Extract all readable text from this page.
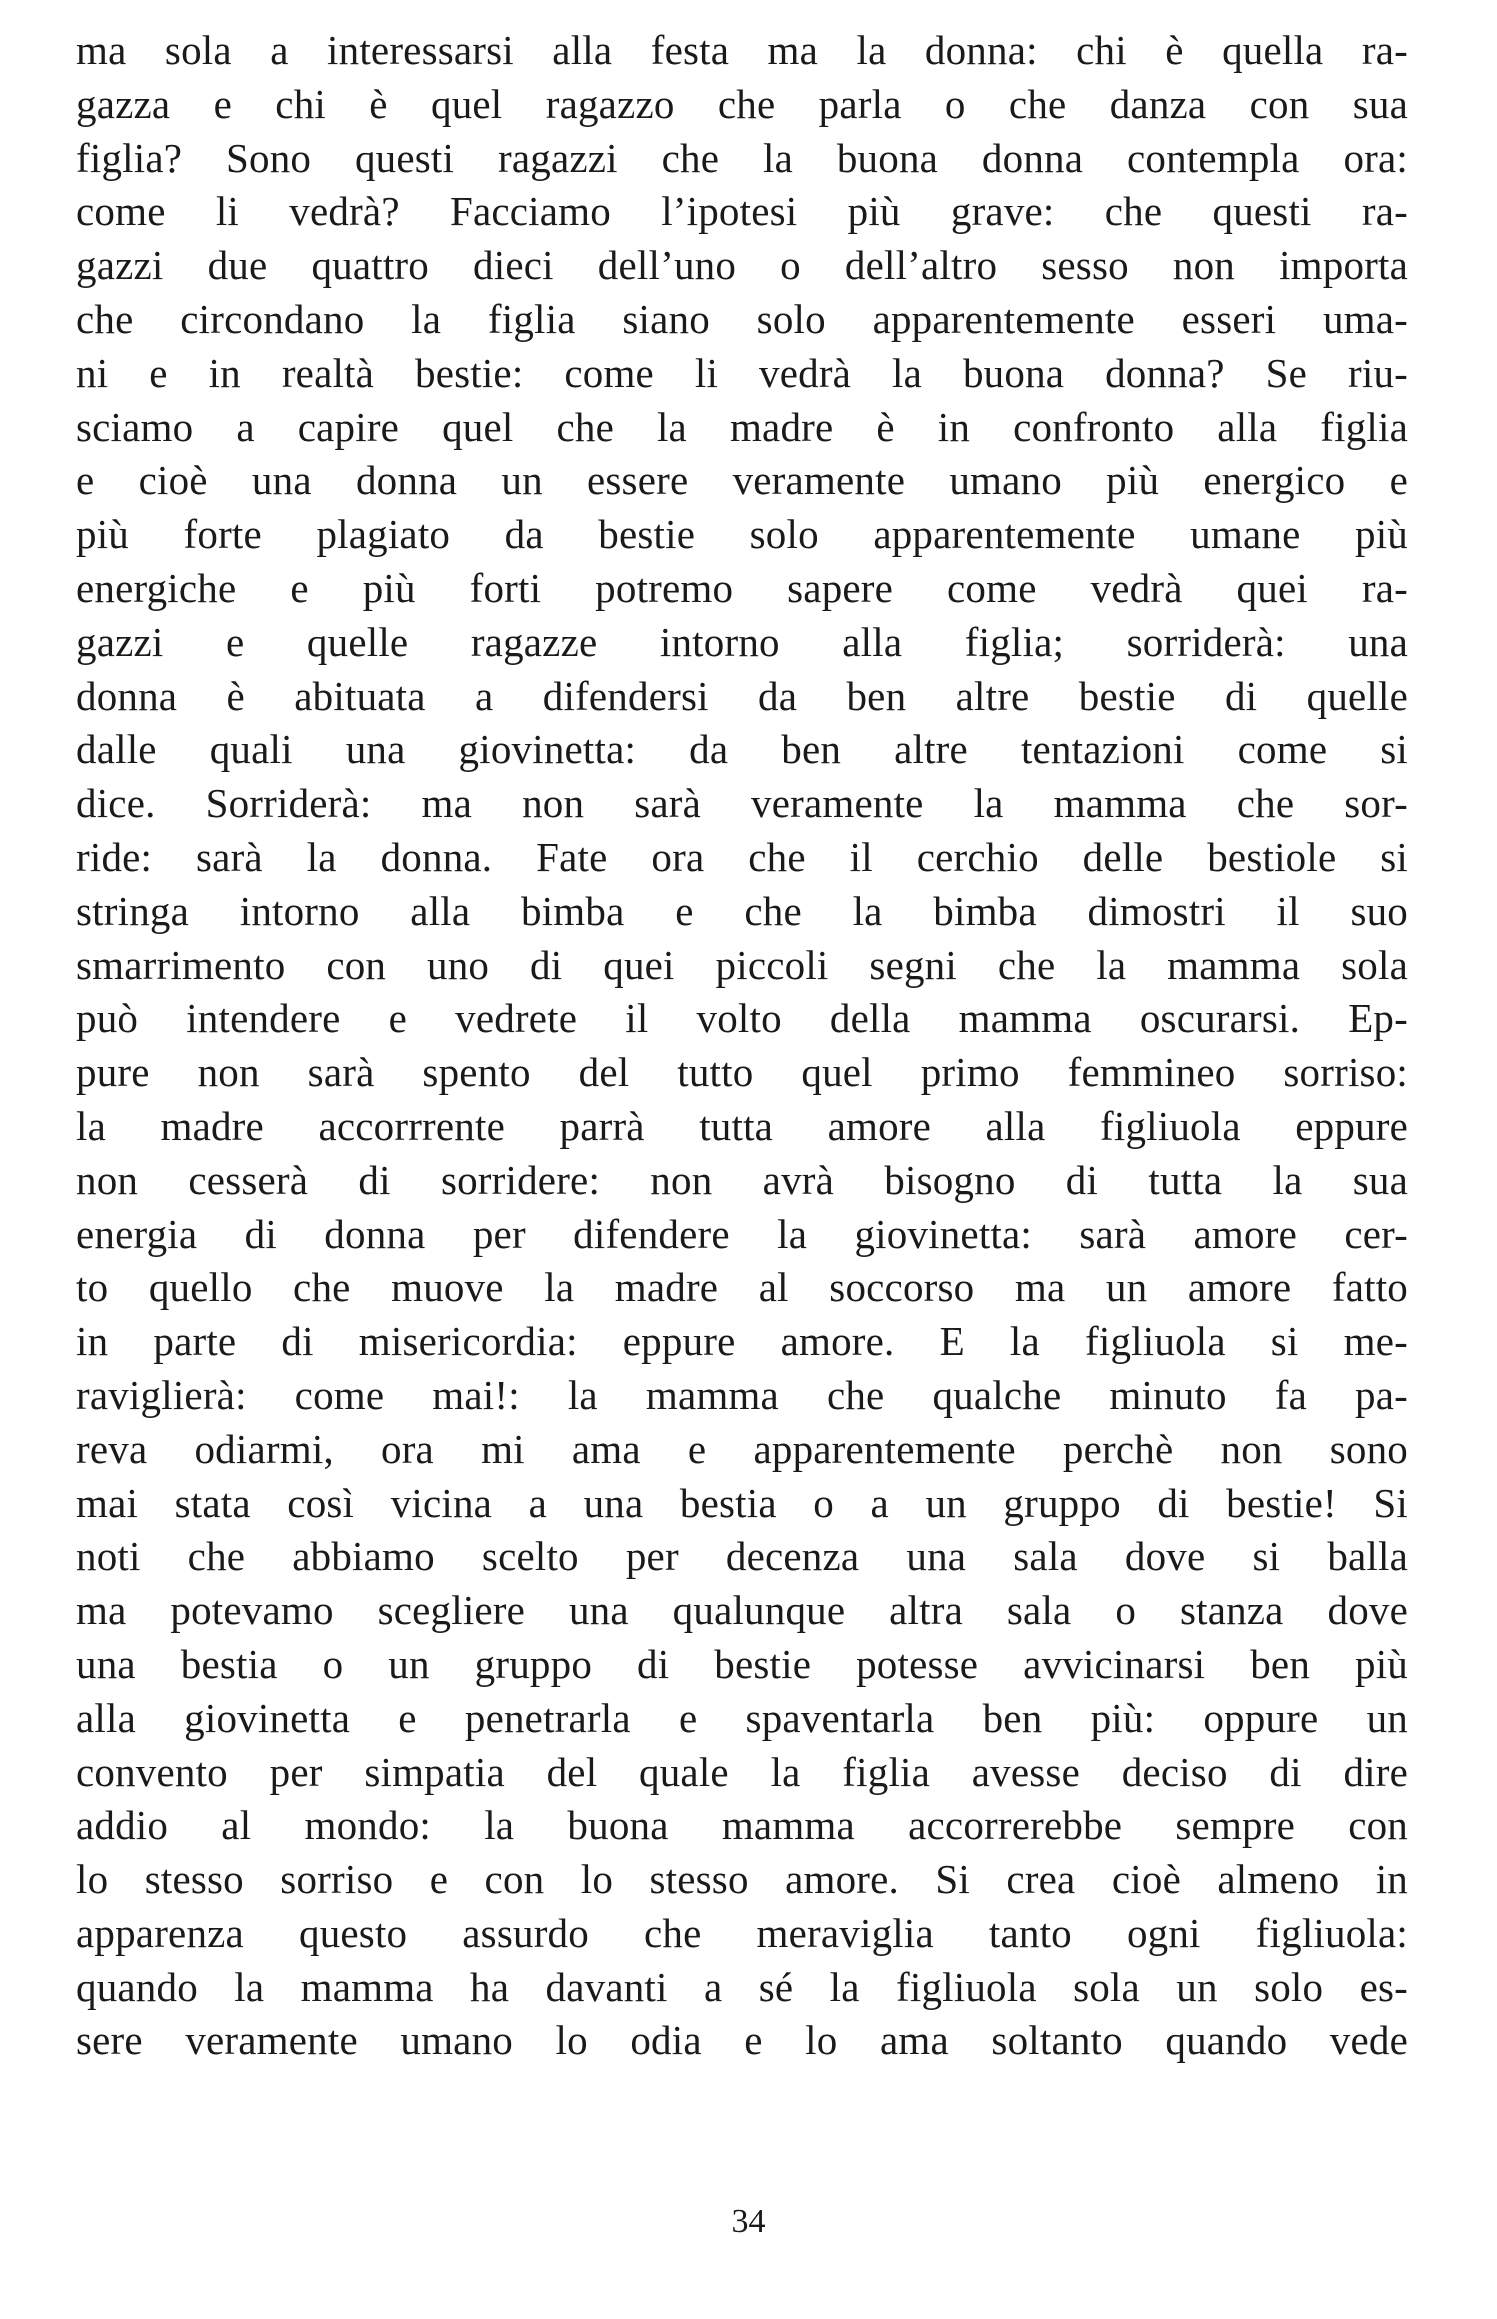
ma sola a interessarsi alla festa ma la donna: chi è quella ra-
gazza e chi è quel ragazzo che parla o che danza con sua
figlia? Sono questi ragazzi che la buona donna contempla ora:
come li vedrà? Facciamo l’ipotesi più grave: che questi ra-
gazzi due quattro dieci dell’uno o dell’altro sesso non importa
che circondano la figlia siano solo apparentemente esseri uma-
ni e in realtà bestie: come li vedrà la buona donna? Se riu-
sciamo a capire quel che la madre è in confronto alla figlia
e cioè una donna un essere veramente umano più energico e
più forte plagiato da bestie solo apparentemente umane più
energiche e più forti potremo sapere come vedrà quei ra-
gazzi e quelle ragazze intorno alla figlia; sorriderà: una
donna è abituata a difendersi da ben altre bestie di quelle
dalle quali una giovinetta: da ben altre tentazioni come si
dice. Sorriderà: ma non sarà veramente la mamma che sor-
ride: sarà la donna. Fate ora che il cerchio delle bestiole si
stringa intorno alla bimba e che la bimba dimostri il suo
smarrimento con uno di quei piccoli segni che la mamma sola
può intendere e vedrete il volto della mamma oscurarsi. Ep-
pure non sarà spento del tutto quel primo femmineo sorriso:
la madre accorrrente parrà tutta amore alla figliuola eppure
non cesserà di sorridere: non avrà bisogno di tutta la sua
energia di donna per difendere la giovinetta: sarà amore cer-
to quello che muove la madre al soccorso ma un amore fatto
in parte di misericordia: eppure amore. E la figliuola si me-
raviglierà: come mai!: la mamma che qualche minuto fa pa-
reva odiarmi, ora mi ama e apparentemente perchè non sono
mai stata così vicina a una bestia o a un gruppo di bestie! Si
noti che abbiamo scelto per decenza una sala dove si balla
ma potevamo scegliere una qualunque altra sala o stanza dove
una bestia o un gruppo di bestie potesse avvicinarsi ben più
alla giovinetta e penetrarla e spaventarla ben più: oppure un
convento per simpatia del quale la figlia avesse deciso di dire
addio al mondo: la buona mamma accorrerebbe sempre con
lo stesso sorriso e con lo stesso amore. Si crea cioè almeno in
apparenza questo assurdo che meraviglia tanto ogni figliuola:
quando la mamma ha davanti a sé la figliuola sola un solo es-
sere veramente umano lo odia e lo ama soltanto quando vede
34
